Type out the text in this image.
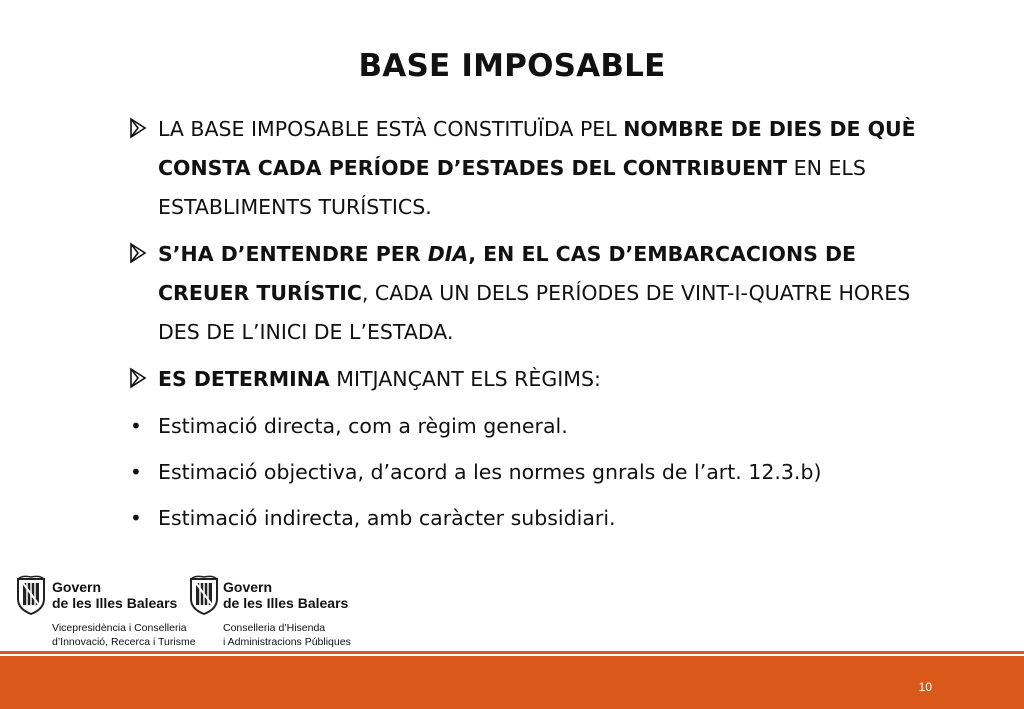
BASE IMPOSABLE
LA BASE IMPOSABLE ESTÀ CONSTITUÏDA PEL NOMBRE DE DIES DE QUÈ CONSTA CADA PERÍODE D’ESTADES DEL CONTRIBUENT EN ELS ESTABLIMENTS TURÍSTICS.
S’HA D’ENTENDRE PER DIA, EN EL CAS D’EMBARCACIONS DE CREUER TURÍSTIC, CADA UN DELS PERÍODES DE VINT-I-QUATRE HORES DES DE L’INICI DE L’ESTADA.
ES DETERMINA MITJANÇANT ELS RÈGIMS:
• Estimació directa, com a règim general.
• Estimació objectiva, d’acord a les normes gnrals de l’art. 12.3.b)
• Estimació indirecta, amb caràcter subsidiari.
Govern
de les Illes Balears
Vicepresidència i Conselleria
d’Innovació, Recerca i Turisme
Govern
de les Illes Balears
Conselleria d’Hisenda
i Administracions Públiques
10
